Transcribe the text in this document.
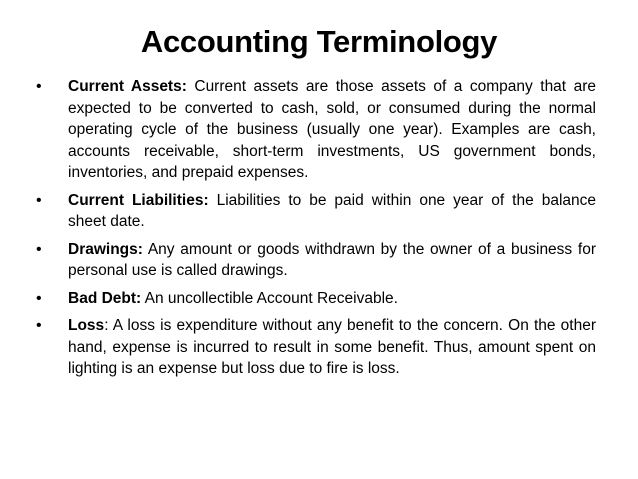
Accounting Terminology
•	Current Assets: Current assets are those assets of a company that are expected to be converted to cash, sold, or consumed during the normal operating cycle of the business (usually one year). Examples are cash, accounts receivable, short-term investments, US government bonds, inventories, and prepaid expenses.
•	Current Liabilities: Liabilities to be paid within one year of the balance sheet date.
•	Drawings: Any amount or goods withdrawn by the owner of a business for personal use is called drawings.
•	Bad Debt: An uncollectible Account Receivable.
•	Loss: A loss is expenditure without any benefit to the concern. On the other hand, expense is incurred to result in some benefit. Thus, amount spent on lighting is an expense but loss due to fire is loss.
